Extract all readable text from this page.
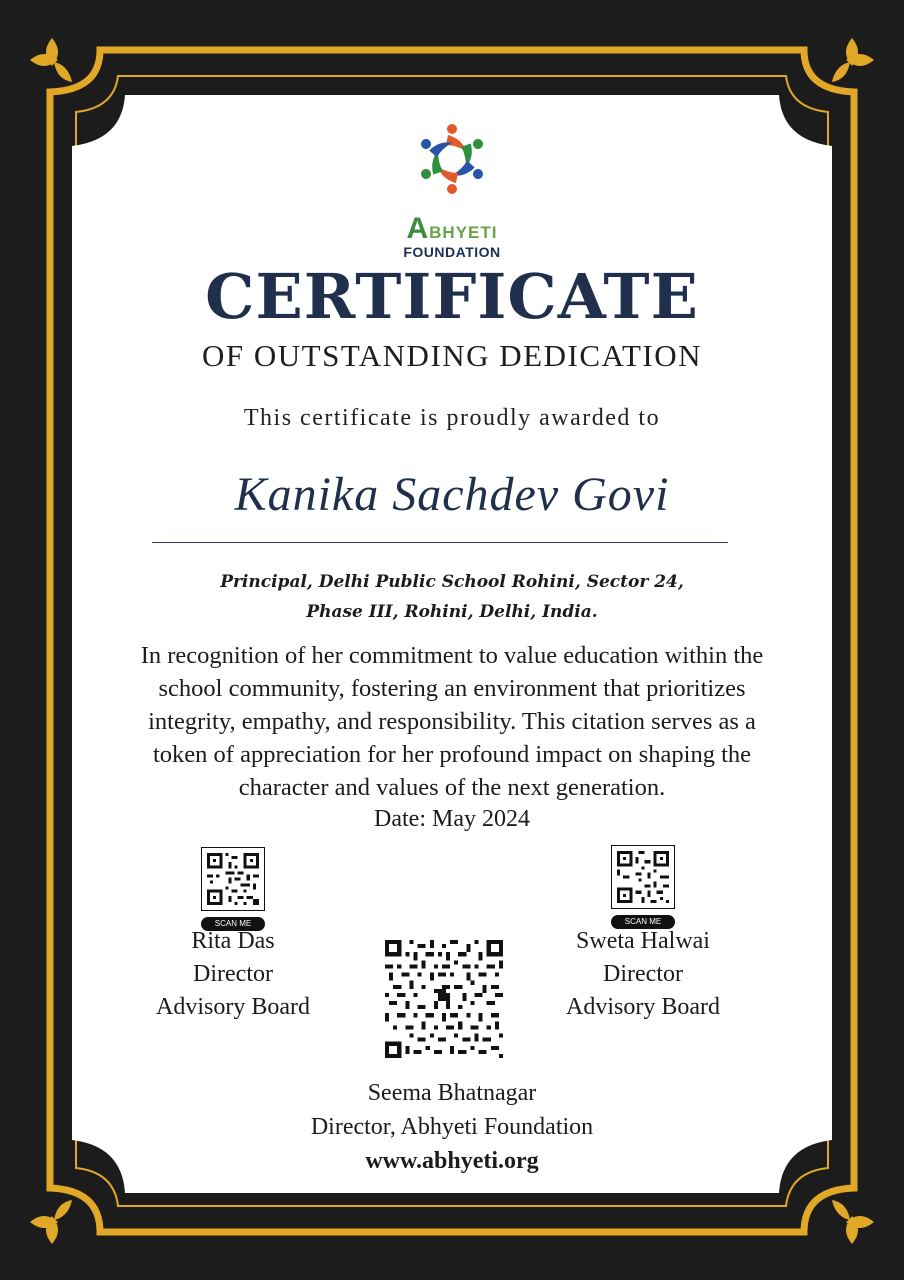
ABHYETI
FOUNDATION
CERTIFICATE
OF OUTSTANDING DEDICATION
This certificate is proudly awarded to
Kanika Sachdev Govi
Principal, Delhi Public School Rohini, Sector 24,
Phase III, Rohini, Delhi, India.
In recognition of her commitment to value education within the
school community, fostering an environment that prioritizes
integrity, empathy, and responsibility. This citation serves as a
token of appreciation for her profound impact on shaping the
character and values of the next generation.
Date: May 2024
SCAN ME	SCAN ME
Rita Das
Director
Advisory Board
Sweta Halwai
Director
Advisory Board
Seema Bhatnagar
Director, Abhyeti Foundation
www.abhyeti.org
